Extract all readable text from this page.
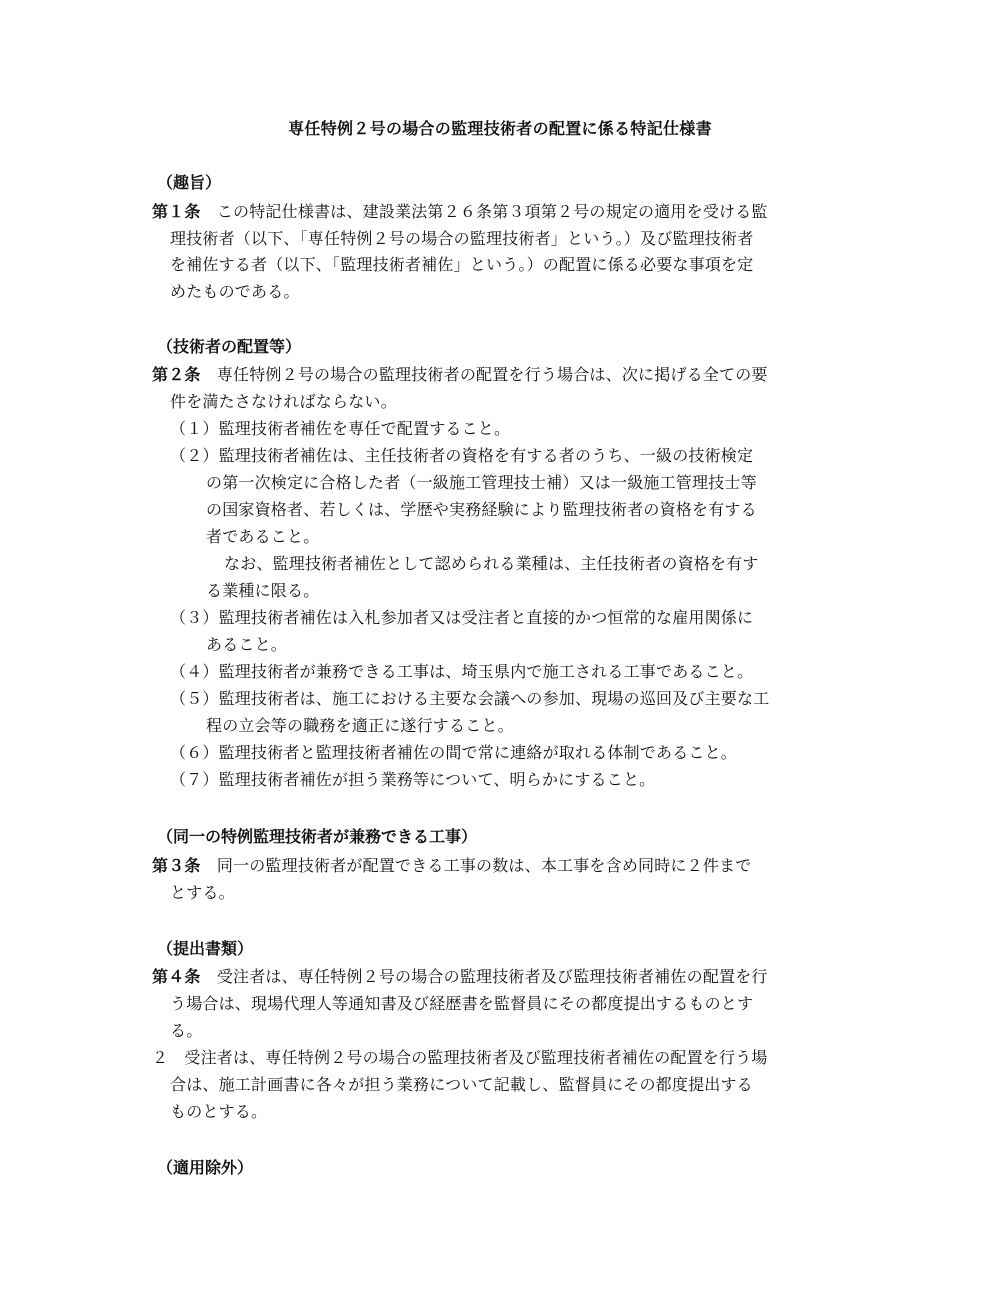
専任特例２号の場合の監理技術者の配置に係る特記仕様書
（趣旨）
第１条　 この特記仕様書は、建設業法第２６条第３項第２号の規定の適用を受ける監
理技術者（以下、「専任特例２号の場合の監理技術者」という。）及び監理技術者
を補佐する者（以下、「監理技術者補佐」という。）の配置に係る必要な事項を定
めたものである。
（技術者の配置等）
第２条　 専任特例２号の場合の監理技術者の配置を行う場合は、次に掲げる全ての要
件を満たさなければならない。
（１）監理技術者補佐を専任で配置すること。
（２）監理技術者補佐は、主任技術者の資格を有する者のうち、一級の技術検定
の第一次検定に合格した者（一級施工管理技士補）又は一級施工管理技士等
の国家資格者、若しくは、学歴や実務経験により監理技術者の資格を有する
者であること。
なお、監理技術者補佐として認められる業種は、主任技術者の資格を有す
る業種に限る。
（３）監理技術者補佐は入札参加者又は受注者と直接的かつ恒常的な雇用関係に
あること。
（４）監理技術者が兼務できる工事は、埼玉県内で施工される工事であること。
（５）監理技術者は、施工における主要な会議への参加、現場の巡回及び主要な工
程の立会等の職務を適正に遂行すること。
（６）監理技術者と監理技術者補佐の間で常に連絡が取れる体制であること。
（７）監理技術者補佐が担う業務等について、明らかにすること。
（同一の特例監理技術者が兼務できる工事）
第３条　 同一の監理技術者が配置できる工事の数は、本工事を含め同時に２件まで
とする。
（提出書類）
第４条　 受注者は、専任特例２号の場合の監理技術者及び監理技術者補佐の配置を行
う場合は、現場代理人等通知書及び経歴書を監督員にその都度提出するものとす
る。
２　受注者は、専任特例２号の場合の監理技術者及び監理技術者補佐の配置を行う場
合は、施工計画書に各々が担う業務について記載し、監督員にその都度提出する
ものとする。
（適用除外）
